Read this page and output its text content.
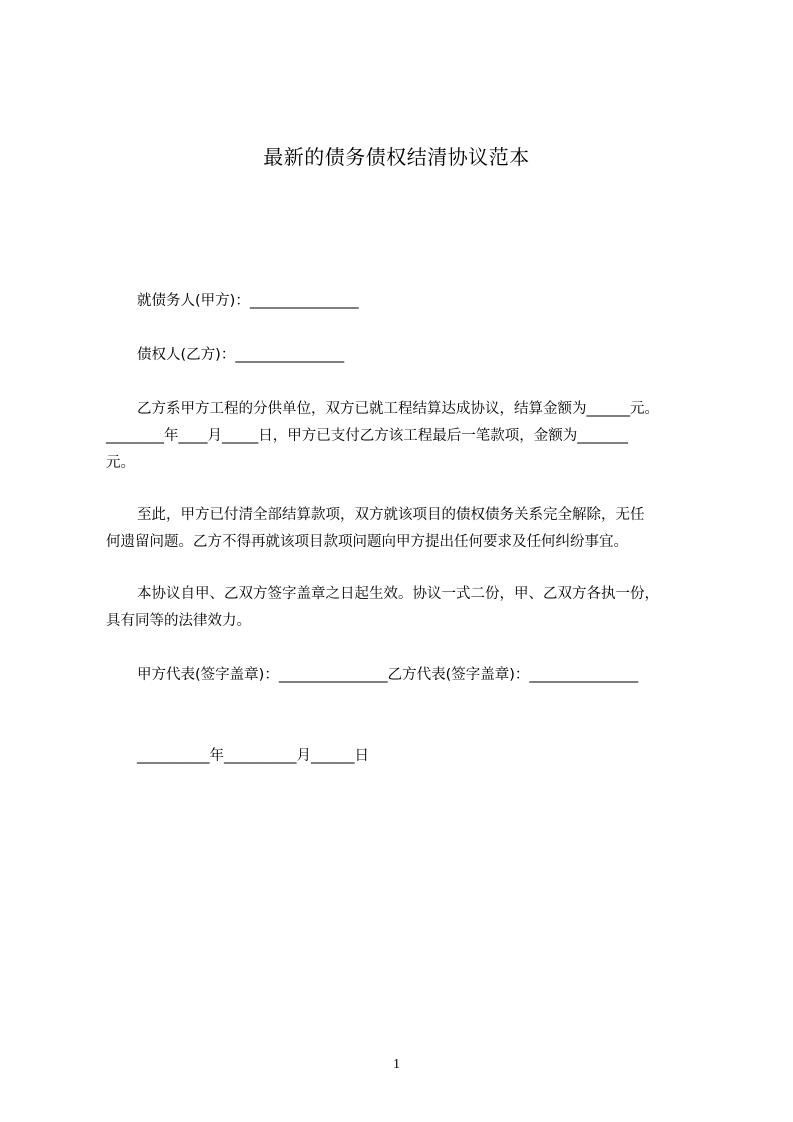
最新的债务债权结清协议范本
就债务人(甲方)：_______________
债权人(乙方)：_______________
乙方系甲方工程的分供单位，双方已就工程结算达成协议，结算金额为______元。
________年____月_____日，甲方已支付乙方该工程最后一笔款项，金额为_______
元。
至此，甲方已付清全部结算款项，双方就该项目的债权债务关系完全解除，无任
何遗留问题。乙方不得再就该项目款项问题向甲方提出任何要求及任何纠纷事宜。
本协议自甲、乙双方签字盖章之日起生效。协议一式二份，甲、乙双方各执一份，
具有同等的法律效力。
甲方代表(签字盖章)：_______________乙方代表(签字盖章)：_______________
__________年__________月______日
1
